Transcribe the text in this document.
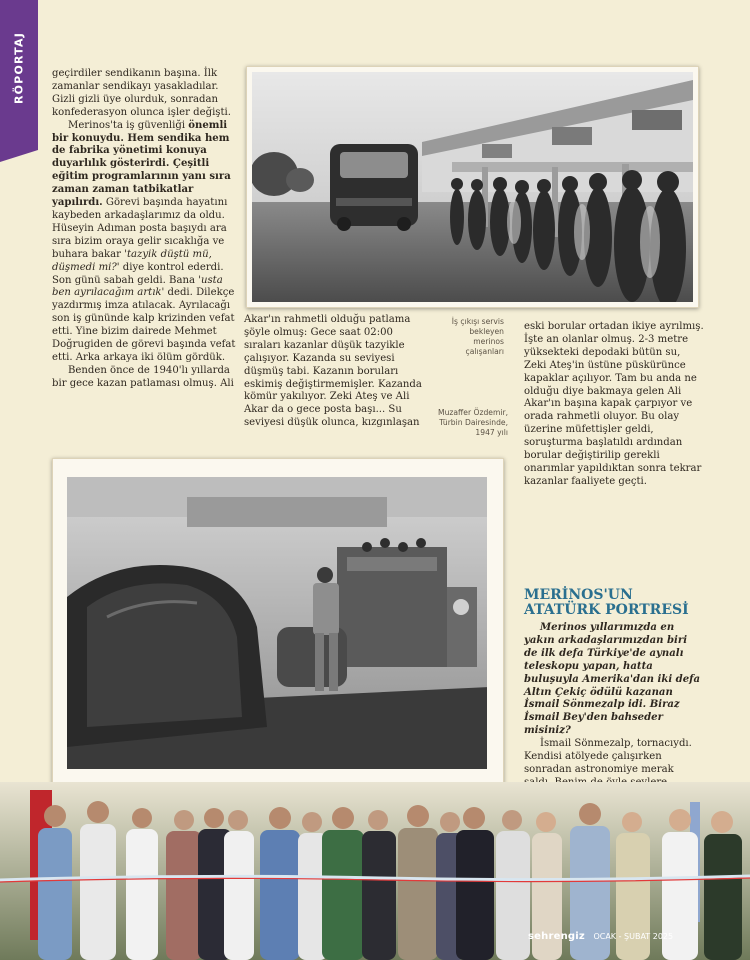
RÖPORTAJ	geçirdiler sendikanın başına. İlk zamanlar sendikayı yasakladılar. Gizli gizli üye olurduk, sonradan konfederasyon olunca işler değişti.

Merinos'ta iş güvenliği önemli bir konuydu. Hem sendika hem de fabrika yönetimi konuya duyarlılık gösterirdi. Çeşitli eğitim programlarının yanı sıra zaman zaman tatbikatlar yapılırdı. Görevi başında hayatını kaybeden arkadaşlarımız da oldu. Hüseyin Adıman posta başıydı ara sıra bizim oraya gelir sıcaklığa ve buhara bakar 'tazyik düştü mü, düşmedi mi?' diye kontrol ederdi. Son günü sabah geldi. Bana 'usta ben ayrılacağım artık' dedi. Dilekçe yazdırmış imza atılacak. Ayrılacağı son iş gününde kalp krizinden vefat etti. Yine bizim dairede Mehmet Doğrugiden de görevi başında vefat etti. Arka arkaya iki ölüm gördük.

Benden önce de 1940'lı yıllarda bir gece kazan patlaması olmuş. Ali

Akar'ın rahmetli olduğu patlama şöyle olmuş: Gece saat 02:00 sıraları kazanlar düşük tazyikle çalışıyor. Kazanda su seviyesi düşmüş tabi. Kazanın boruları eskimiş değiştirmemişler. Kazanda kömür yakılıyor. Zeki Ateş ve Ali Akar da o gece posta başı... Su seviyesi düşük olunca, kızgınlaşan

İş çıkışı servis bekleyen merinos çalışanları
Muzaffer Özdemir, Türbin Dairesinde, 1947 yılı

eski borular ortadan ikiye ayrılmış. İşte an olanlar olmuş. 2-3 metre yüksekteki depodaki bütün su, Zeki Ateş'in üstüne püskürünce kapaklar açılıyor. Tam bu anda ne olduğu diye bakmaya gelen Ali Akar'ın başına kapak çarpıyor ve orada rahmetli oluyor. Bu olay üzerine müfettişler geldi, soruşturma başlatıldı ardından borular değiştirilip gerekli onarımlar yapıldıktan sonra tekrar kazanlar faaliyete geçti.

MERİNOS'UN ATATÜRK PORTRESİ

Merinos yıllarımızda en yakın arkadaşlarımızdan biri de ilk defa Türkiye'de aynalı teleskopu yapan, hatta buluşuyla Amerika'dan iki defa Altın Çekiç ödülü kazanan İsmail Sönmezalp idi. Biraz İsmail Bey'den bahseder misiniz?

İsmail Sönmezalp, tornacıydı. Kendisi atölyede çalışırken sonradan astronomiye merak

sehrengiz OCAK - ŞUBAT 2025
